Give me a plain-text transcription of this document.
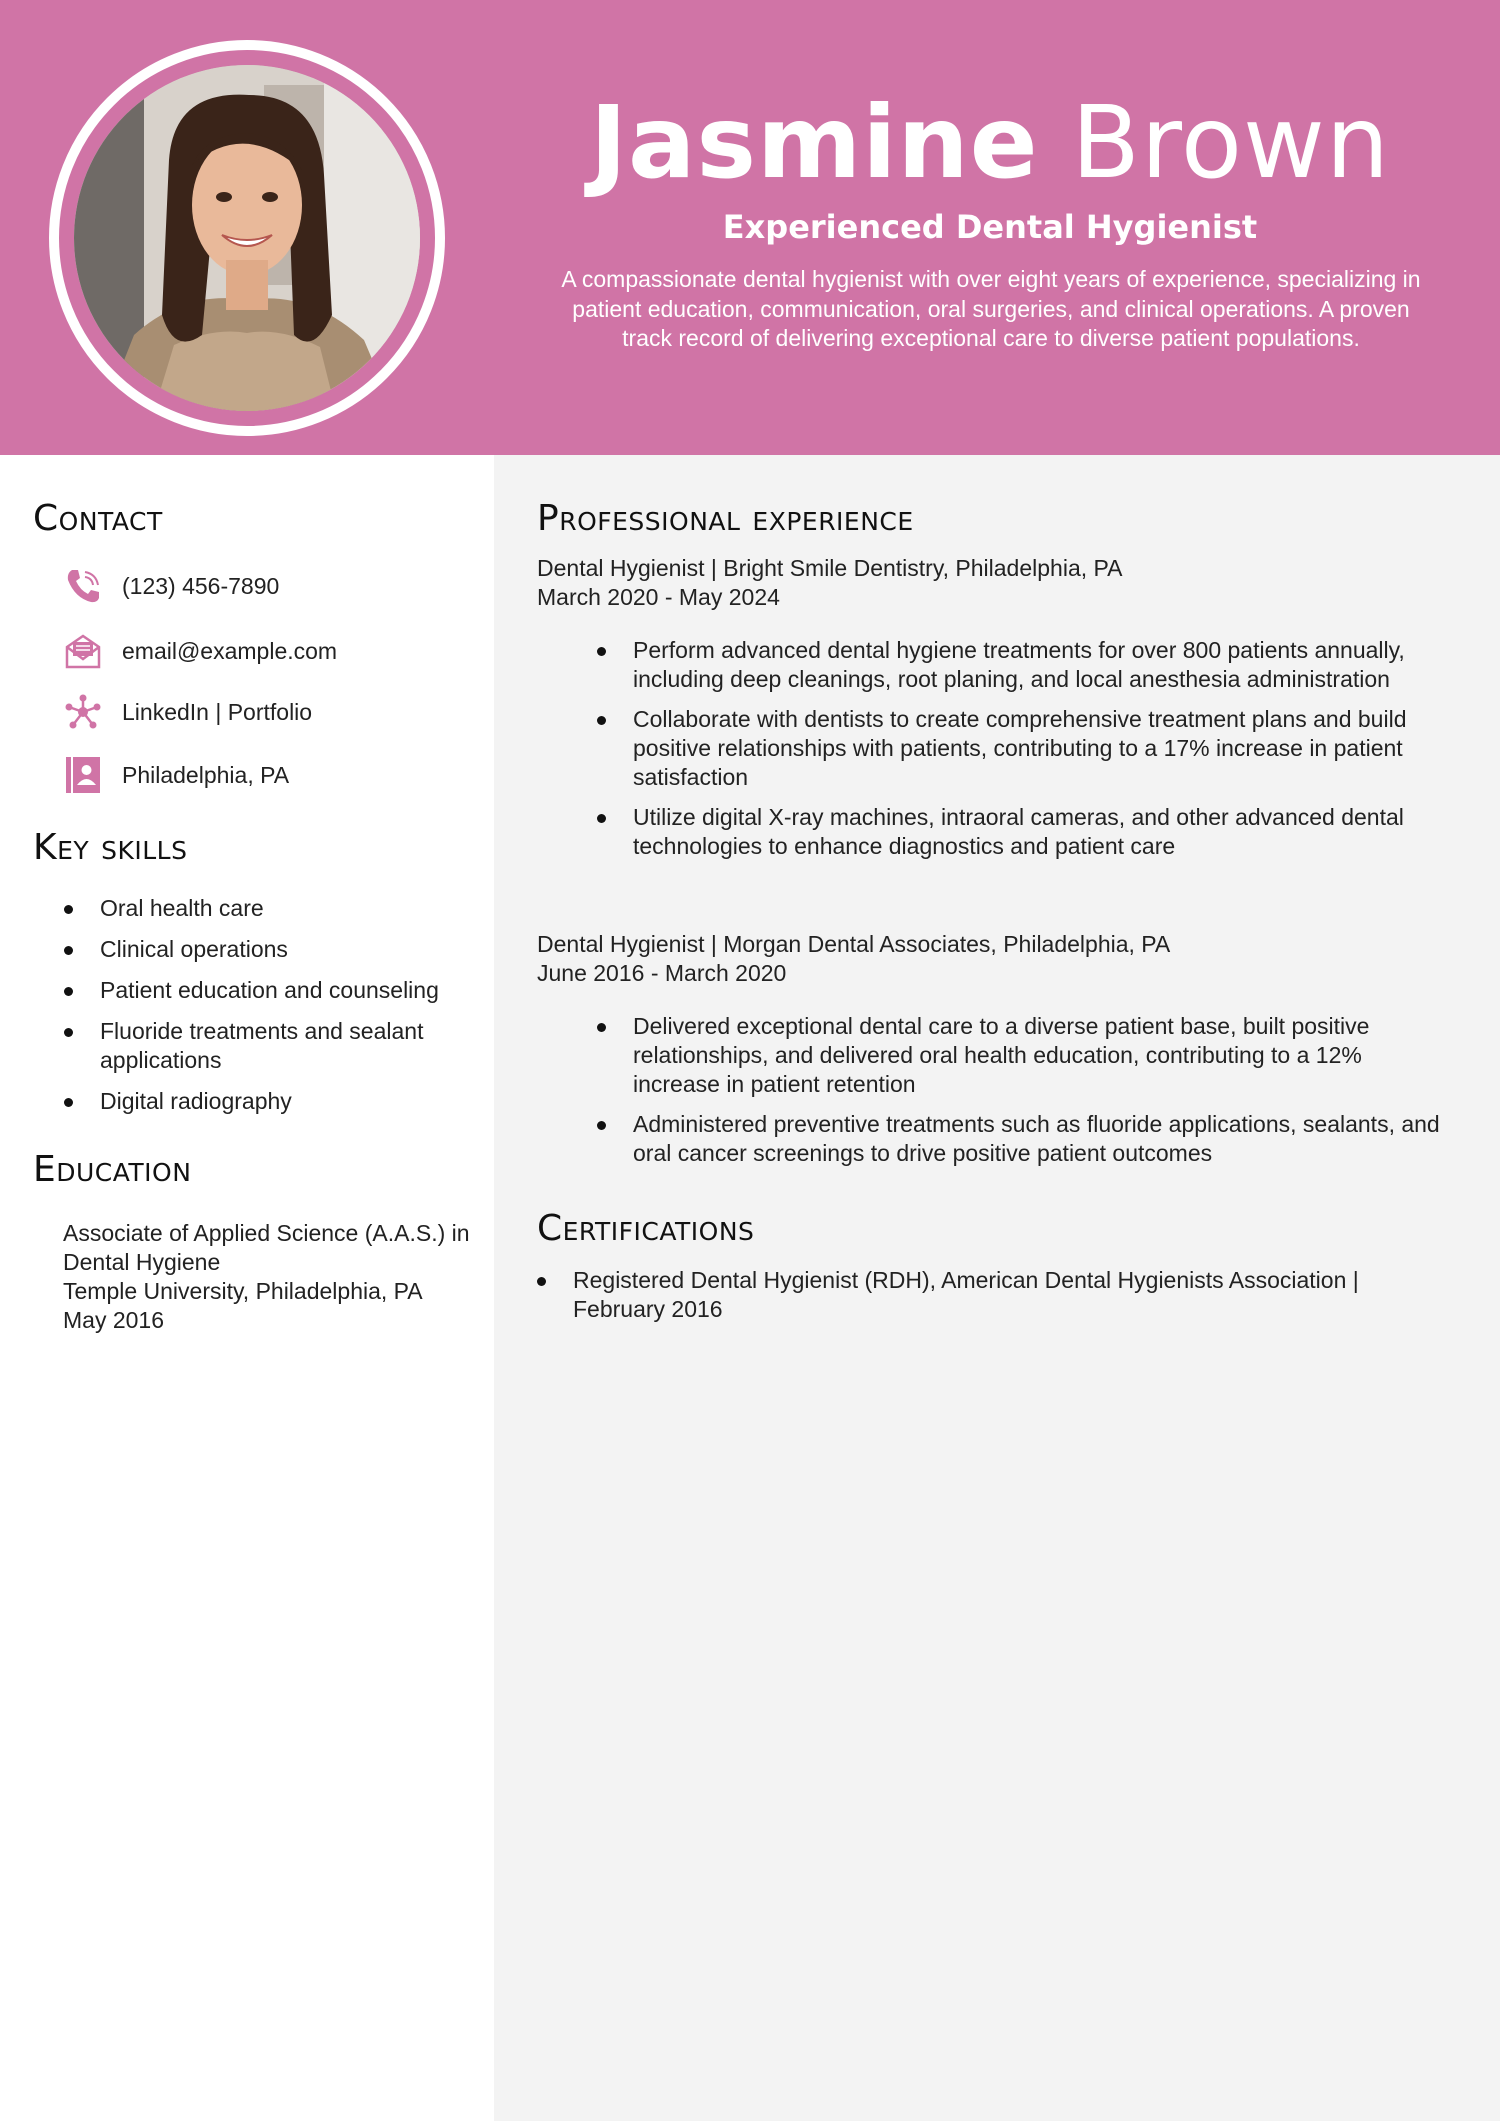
Jasmine Brown
Experienced Dental Hygienist
A compassionate dental hygienist with over eight years of experience, specializing in patient education, communication, oral surgeries, and clinical operations. A proven track record of delivering exceptional care to diverse patient populations.
Contact
(123) 456-7890
email@example.com
LinkedIn | Portfolio
Philadelphia, PA
Key skills
Oral health care
Clinical operations
Patient education and counseling
Fluoride treatments and sealant applications
Digital radiography
Education
Associate of Applied Science (A.A.S.) in Dental Hygiene
Temple University, Philadelphia, PA
May 2016
Professional experience
Dental Hygienist | Bright Smile Dentistry, Philadelphia, PA
March 2020 - May 2024
Perform advanced dental hygiene treatments for over 800 patients annually, including deep cleanings, root planing, and local anesthesia administration
Collaborate with dentists to create comprehensive treatment plans and build positive relationships with patients, contributing to a 17% increase in patient satisfaction
Utilize digital X-ray machines, intraoral cameras, and other advanced dental technologies to enhance diagnostics and patient care
Dental Hygienist | Morgan Dental Associates, Philadelphia, PA
June 2016 - March 2020
Delivered exceptional dental care to a diverse patient base, built positive relationships, and delivered oral health education, contributing to a 12% increase in patient retention
Administered preventive treatments such as fluoride applications, sealants, and oral cancer screenings to drive positive patient outcomes
Certifications
Registered Dental Hygienist (RDH), American Dental Hygienists Association | February 2016
